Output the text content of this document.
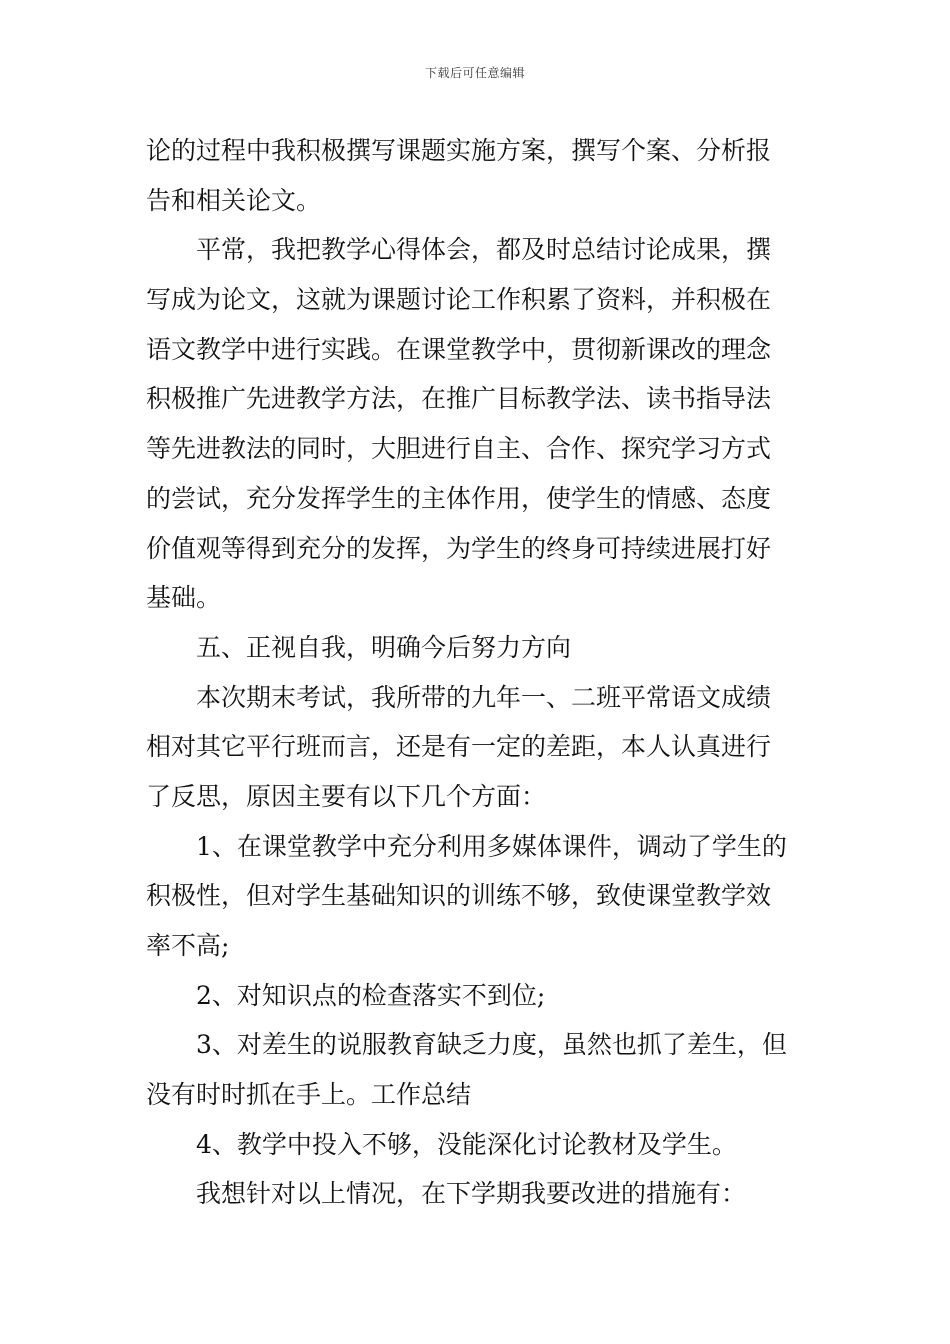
下载后可任意编辑
论的过程中我积极撰写课题实施方案，撰写个案、分析报
告和相关论文。
平常，我把教学心得体会，都及时总结讨论成果，撰
写成为论文，这就为课题讨论工作积累了资料，并积极在
语文教学中进行实践。在课堂教学中，贯彻新课改的理念
积极推广先进教学方法，在推广目标教学法、读书指导法
等先进教法的同时，大胆进行自主、合作、探究学习方式
的尝试，充分发挥学生的主体作用，使学生的情感、态度
价值观等得到充分的发挥，为学生的终身可持续进展打好
基础。
五、正视自我，明确今后努力方向
本次期末考试，我所带的九年一、二班平常语文成绩
相对其它平行班而言，还是有一定的差距，本人认真进行
了反思，原因主要有以下几个方面：
1、在课堂教学中充分利用多媒体课件，调动了学生的
积极性，但对学生基础知识的训练不够，致使课堂教学效
率不高;
2、对知识点的检查落实不到位;
3、对差生的说服教育缺乏力度，虽然也抓了差生，但
没有时时抓在手上。工作总结
4、教学中投入不够，没能深化讨论教材及学生。
我想针对以上情况，在下学期我要改进的措施有：
